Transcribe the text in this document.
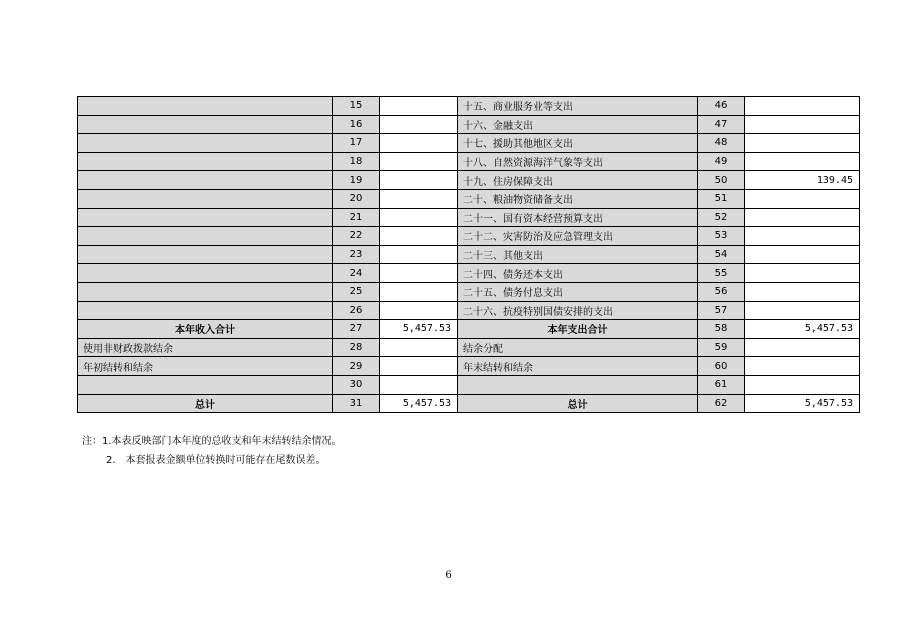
	15		十五、商业服务业等支出	46	
	16		十六、金融支出	47	
	17		十七、援助其他地区支出	48	
	18		十八、自然资源海洋气象等支出	49	
	19		十九、住房保障支出	50	139.45
	20		二十、粮油物资储备支出	51	
	21		二十一、国有资本经营预算支出	52	
	22		二十二、灾害防治及应急管理支出	53	
	23		二十三、其他支出	54	
	24		二十四、债务还本支出	55	
	25		二十五、债务付息支出	56	
	26		二十六、抗疫特别国债安排的支出	57	
本年收入合计	27	5,457.53	本年支出合计	58	5,457.53
使用非财政拨款结余	28		结余分配	59	
年初结转和结余	29		年末结转和结余	60	
	30			61	
总计	31	5,457.53	总计	62	5,457.53
注：1.本表反映部门本年度的总收支和年末结转结余情况。
2.　本套报表金额单位转换时可能存在尾数误差。
6
